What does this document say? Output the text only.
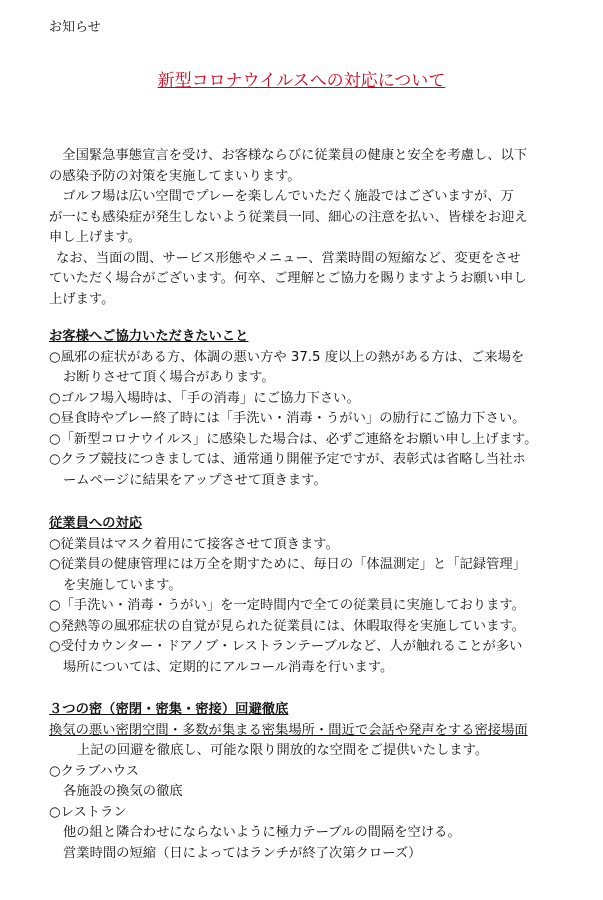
お知らせ
新型コロナウイルスへの対応について
　全国緊急事態宣言を受け、お客様ならびに従業員の健康と安全を考慮し、以下
の感染予防の対策を実施してまいります。
　ゴルフ場は広い空間でプレーを楽しんでいただく施設ではございますが、万
が一にも感染症が発生しないよう従業員一同、細心の注意を払い、皆様をお迎え
申し上げます。
なお、当面の間、サービス形態やメニュー、営業時間の短縮など、変更をさせ
ていただく場合がございます。何卒、ご理解とご協力を賜りますようお願い申し
上げます。
お客様へご協力いただきたいこと
○風邪の症状がある方、体調の悪い方や 37.5 度以上の熱がある方は、ご来場を
お断りさせて頂く場合があります。
○ゴルフ場入場時は、「手の消毒」にご協力下さい。
○昼食時やプレー終了時には「手洗い・消毒・うがい」の励行にご協力下さい。
○「新型コロナウイルス」に感染した場合は、必ずご連絡をお願い申し上げます。
○クラブ競技につきましては、通常通り開催予定ですが、表彰式は省略し当社ホ
ームページに結果をアップさせて頂きます。
従業員への対応
○従業員はマスク着用にて接客させて頂きます。
○従業員の健康管理には万全を期すために、毎日の「体温測定」と「記録管理」
を実施しています。
○「手洗い・消毒・うがい」を一定時間内で全ての従業員に実施しております。
○発熱等の風邪症状の自覚が見られた従業員には、休暇取得を実施しています。
○受付カウンター・ドアノブ・レストランテーブルなど、人が触れることが多い
場所については、定期的にアルコール消毒を行います。
３つの密（密閉・密集・密接）回避徹底
換気の悪い密閉空間・多数が集まる密集場所・間近で会話や発声をする密接場面
上記の回避を徹底し、可能な限り開放的な空間をご提供いたします。
○クラブハウス
各施設の換気の徹底
○レストラン
他の組と隣合わせにならないように極力テーブルの間隔を空ける。
営業時間の短縮（日によってはランチが終了次第クローズ）
